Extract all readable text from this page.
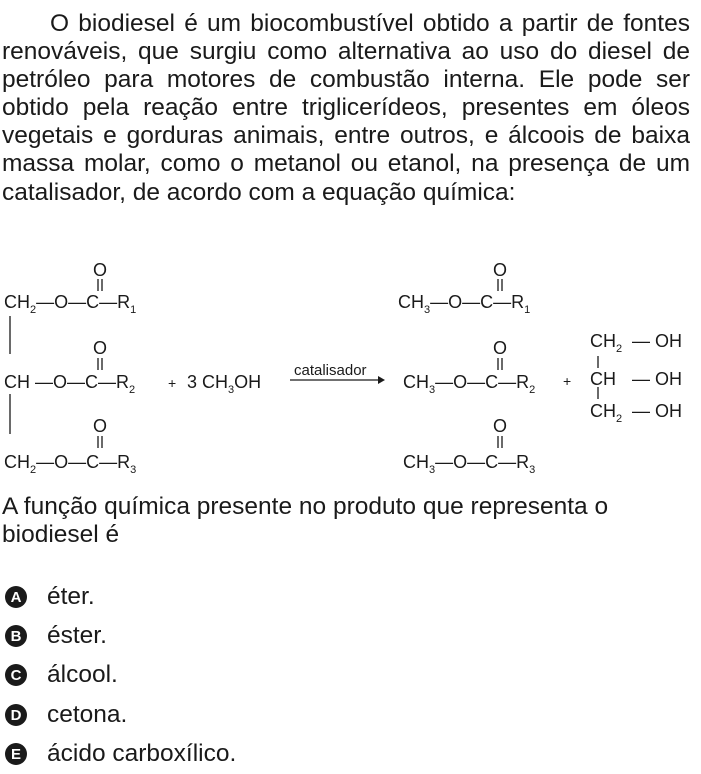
O biodiesel é um biocombustível obtido a partir de fontes renováveis, que surgiu como alternativa ao uso do diesel de petróleo para motores de combustão interna. Ele pode ser obtido pela reação entre triglicerídeos, presentes em óleos vegetais e gorduras animais, entre outros, e álcoois de baixa massa molar, como o metanol ou etanol, na presença de um catalisador, de acordo com a equação química:

$CH_2—O—C—R_1$
O
CH $—O—C—R_2$
O
$CH_2—O—C—R_3$
O
+	+
3 $CH_3OH$
catalisador
$CH_3—O—C—R_1$
O
$CH_3—O—C—R_2$
O
$CH_3—O—C—R_3$
O
$CH_2$ — OH
CH — OH
$CH_2$ — OH

A função química presente no produto que representa o biodiesel é

A éter.
B éster.
C álcool.
D cetona.
E ácido carboxílico.
